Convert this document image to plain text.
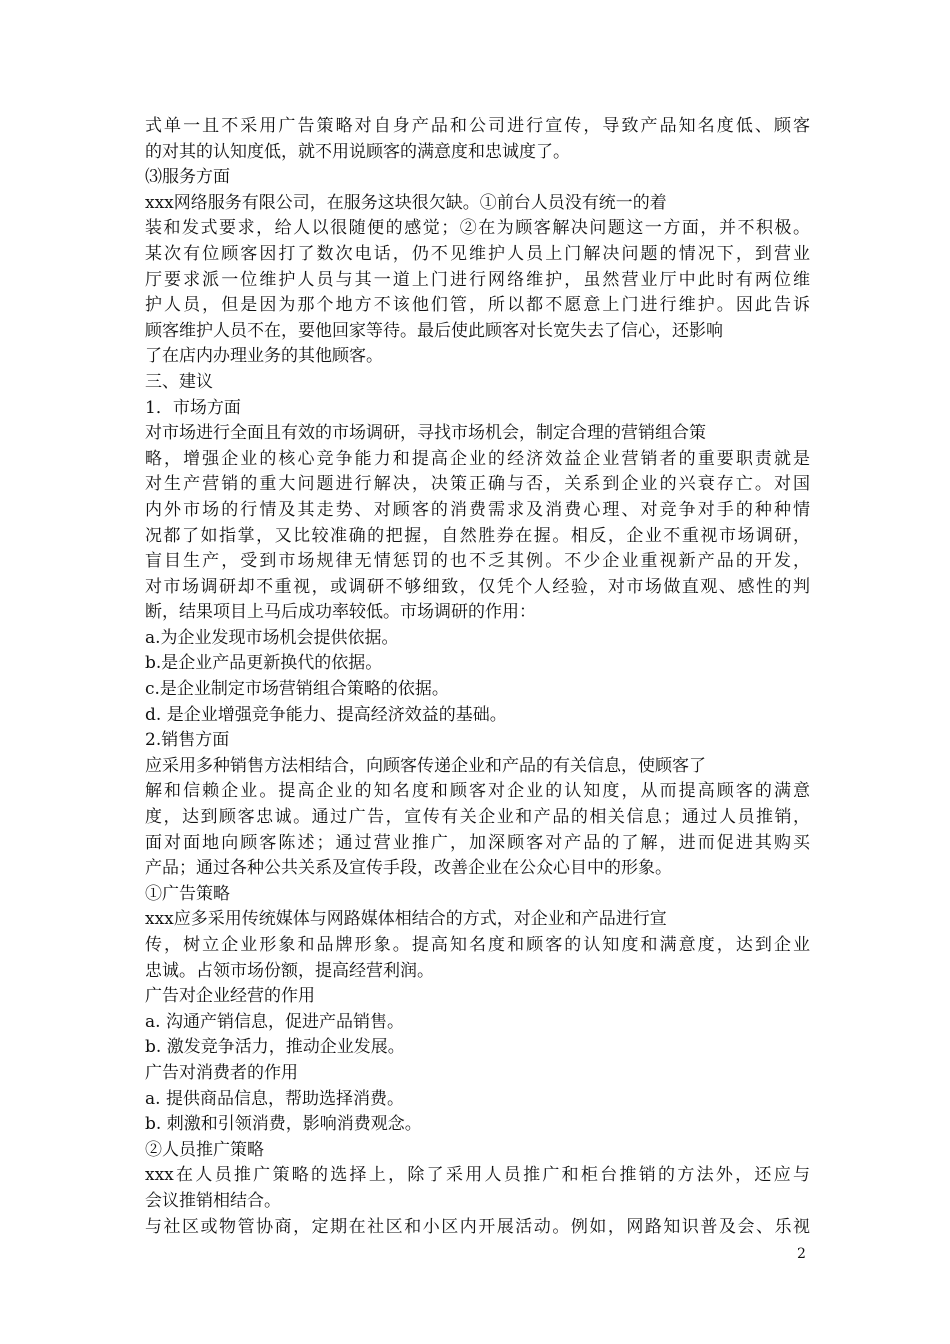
式单一且不采用广告策略对自身产品和公司进行宣传，导致产品知名度低、顾客
的对其的认知度低，就不用说顾客的满意度和忠诚度了。
⑶服务方面
xxx网络服务有限公司，在服务这块很欠缺。①前台人员没有统一的着
装和发式要求，给人以很随便的感觉；②在为顾客解决问题这一方面，并不积极。
某次有位顾客因打了数次电话，仍不见维护人员上门解决问题的情况下，到营业
厅要求派一位维护人员与其一道上门进行网络维护，虽然营业厅中此时有两位维
护人员，但是因为那个地方不该他们管，所以都不愿意上门进行维护。因此告诉
顾客维护人员不在，要他回家等待。最后使此顾客对长宽失去了信心，还影响
了在店内办理业务的其他顾客。
三、建议
1．市场方面
对市场进行全面且有效的市场调研，寻找市场机会，制定合理的营销组合策
略，增强企业的核心竞争能力和提高企业的经济效益企业营销者的重要职责就是
对生产营销的重大问题进行解决，决策正确与否，关系到企业的兴衰存亡。对国
内外市场的行情及其走势、对顾客的消费需求及消费心理、对竞争对手的种种情
况都了如指掌，又比较准确的把握，自然胜券在握。相反，企业不重视市场调研，
盲目生产，受到市场规律无情惩罚的也不乏其例。不少企业重视新产品的开发，
对市场调研却不重视，或调研不够细致，仅凭个人经验，对市场做直观、感性的判
断，结果项目上马后成功率较低。市场调研的作用：
a.为企业发现市场机会提供依据。
b.是企业产品更新换代的依据。
c.是企业制定市场营销组合策略的依据。
d. 是企业增强竞争能力、提高经济效益的基础。
2.销售方面
应采用多种销售方法相结合，向顾客传递企业和产品的有关信息，使顾客了
解和信赖企业。提高企业的知名度和顾客对企业的认知度，从而提高顾客的满意
度，达到顾客忠诚。通过广告，宣传有关企业和产品的相关信息；通过人员推销，
面对面地向顾客陈述；通过营业推广，加深顾客对产品的了解，进而促进其购买
产品；通过各种公共关系及宣传手段，改善企业在公众心目中的形象。
①广告策略
xxx应多采用传统媒体与网路媒体相结合的方式，对企业和产品进行宣
传，树立企业形象和品牌形象。提高知名度和顾客的认知度和满意度，达到企业
忠诚。占领市场份额，提高经营利润。
广告对企业经营的作用
a. 沟通产销信息，促进产品销售。
b. 激发竞争活力，推动企业发展。
广告对消费者的作用
a. 提供商品信息，帮助选择消费。
b. 刺激和引领消费，影响消费观念。
②人员推广策略
xxx在人员推广策略的选择上，除了采用人员推广和柜台推销的方法外，还应与
会议推销相结合。
与社区或物管协商，定期在社区和小区内开展活动。例如，网路知识普及会、乐视
2
